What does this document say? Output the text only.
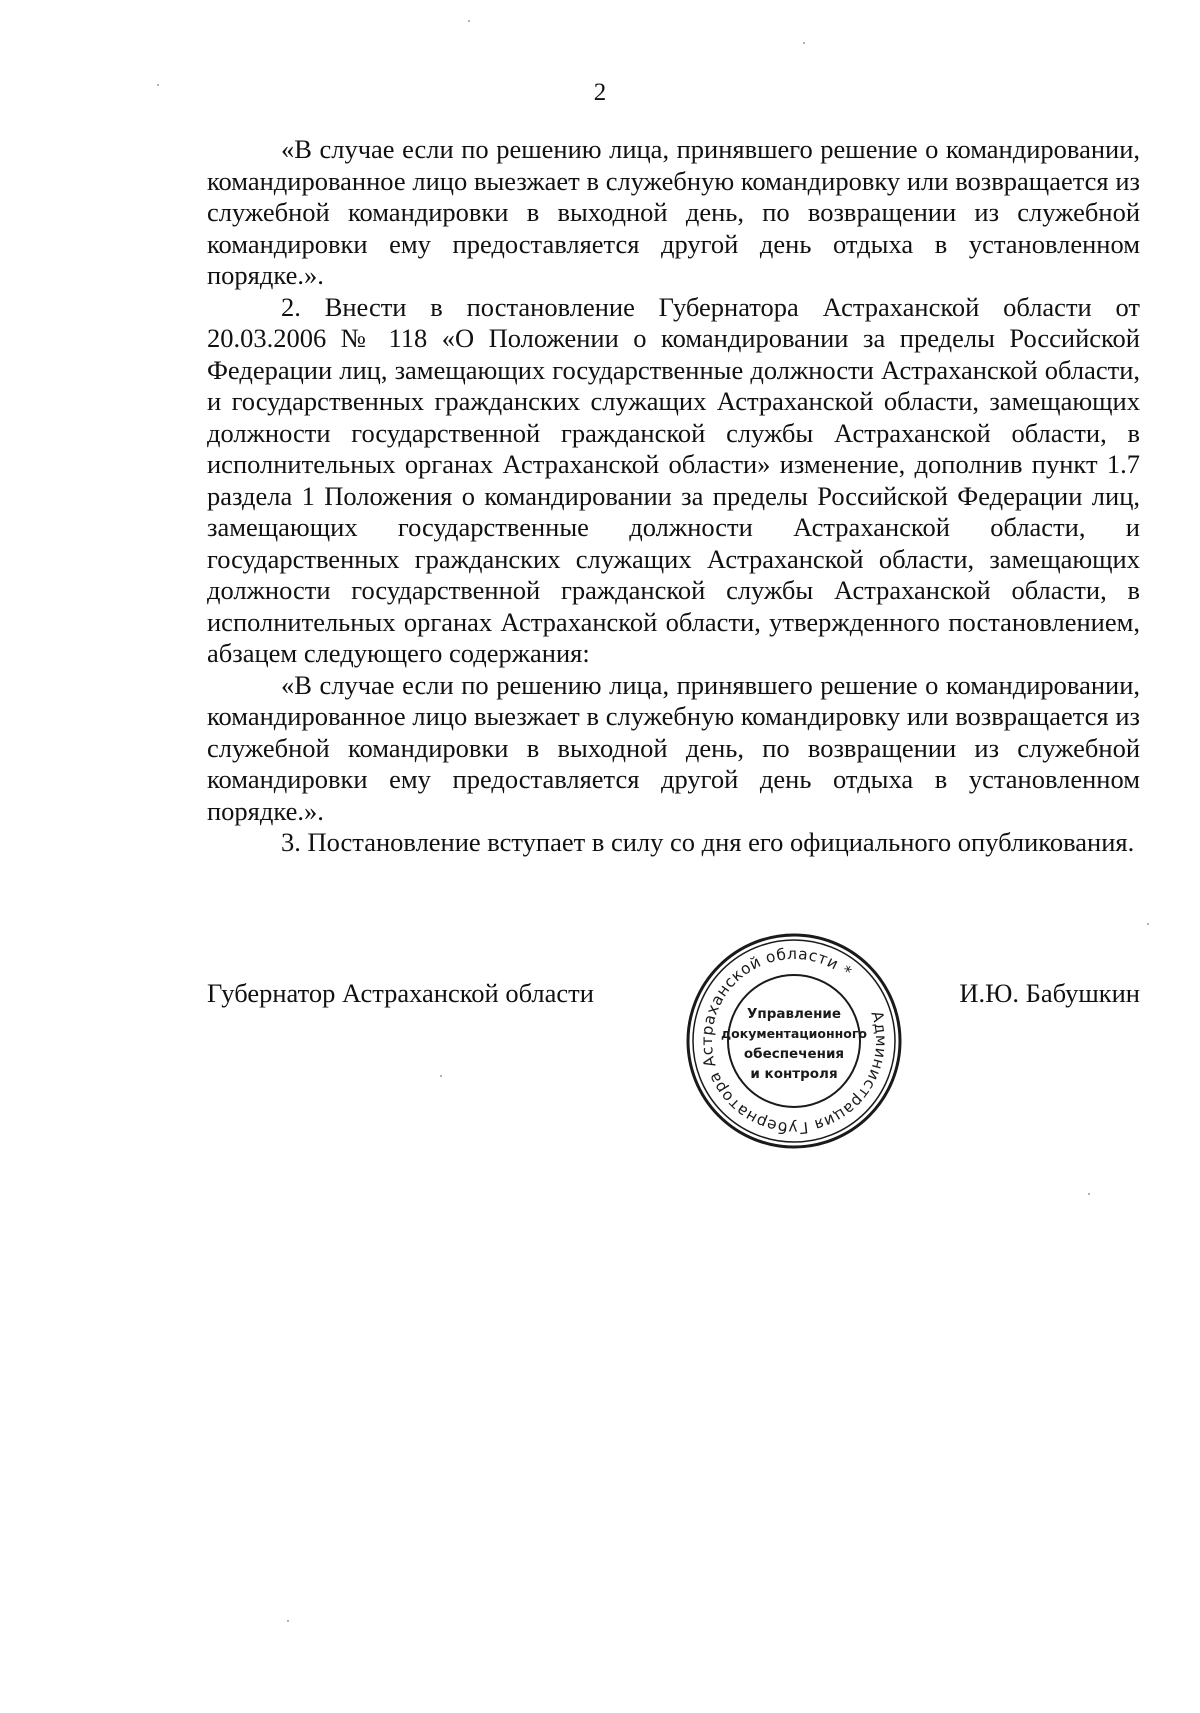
2

«В случае если по решению лица, принявшего решение о командировании, командированное лицо выезжает в служебную командировку или возвращается из служебной командировки в выходной день, по возвращении из служебной командировки ему предоставляется другой день отдыха в установленном порядке.».

2. Внести в постановление Губернатора Астраханской области от 20.03.2006 № 118 «О Положении о командировании за пределы Российской Федерации лиц, замещающих государственные должности Астраханской области, и государственных гражданских служащих Астраханской области, замещающих должности государственной гражданской службы Астраханской области, в исполнительных органах Астраханской области» изменение, дополнив пункт 1.7 раздела 1 Положения о командировании за пределы Российской Федерации лиц, замещающих государственные должности Астраханской области, и государственных гражданских служащих Астраханской области, замещающих должности государственной гражданской службы Астраханской области, в исполнительных органах Астраханской области, утвержденного постановлением, абзацем следующего содержания:

«В случае если по решению лица, принявшего решение о командировании, командированное лицо выезжает в служебную командировку или возвращается из служебной командировки в выходной день, по возвращении из служебной командировки ему предоставляется другой день отдыха в установленном порядке.».

3. Постановление вступает в силу со дня его официального опубликования.

Губернатор Астраханской области	И.Ю. Бабушкин
Администрация Губернатора Астраханской области *
Управление
документационного
обеспечения
и контроля
